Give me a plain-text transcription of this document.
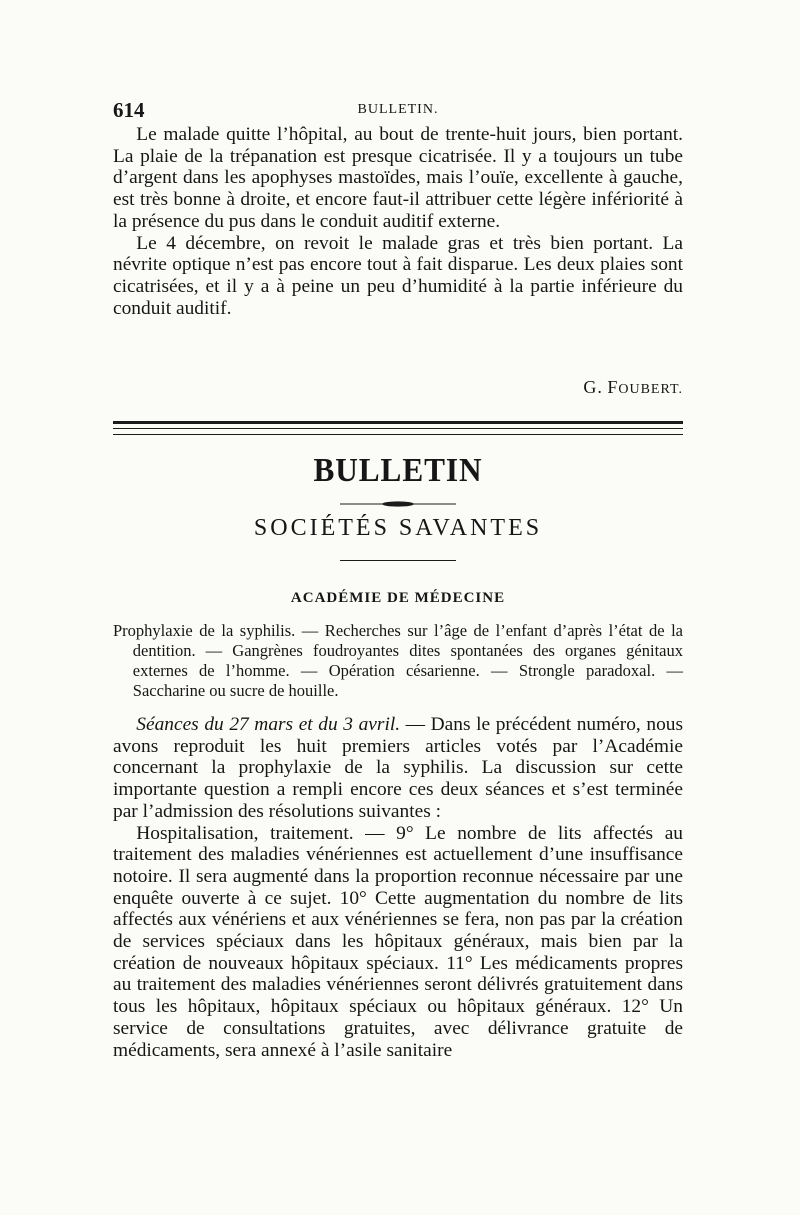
614	BULLETIN.

Le malade quitte l’hôpital, au bout de trente-huit jours, bien portant. La plaie de la trépanation est presque cicatrisée. Il y a toujours un tube d’argent dans les apophyses mastoïdes, mais l’ouïe, excellente à gauche, est très bonne à droite, et encore faut-il attribuer cette légère infériorité à la présence du pus dans le conduit auditif externe.

Le 4 décembre, on revoit le malade gras et très bien portant. La névrite optique n’est pas encore tout à fait disparue. Les deux plaies sont cicatrisées, et il y a à peine un peu d’humidité à la partie inférieure du conduit auditif.

G. FOUBERT.
BULLETIN
SOCIÉTÉS SAVANTES
ACADÉMIE DE MÉDECINE
Prophylaxie de la syphilis. — Recherches sur l’âge de l’enfant d’après l’état de la dentition. — Gangrènes foudroyantes dites spontanées des organes génitaux externes de l’homme. — Opération césarienne. — Strongle paradoxal. — Saccharine ou sucre de houille.

Séances du 27 mars et du 3 avril. — Dans le précédent numéro, nous avons reproduit les huit premiers articles votés par l’Académie concernant la prophylaxie de la syphilis. La discussion sur cette importante question a rempli encore ces deux séances et s’est terminée par l’admission des résolutions suivantes :

Hospitalisation, traitement. — 9° Le nombre de lits affectés au traitement des maladies vénériennes est actuellement d’une insuffisance notoire. Il sera augmenté dans la proportion reconnue nécessaire par une enquête ouverte à ce sujet. 10° Cette augmentation du nombre de lits affectés aux vénériens et aux vénériennes se fera, non pas par la création de services spéciaux dans les hôpitaux généraux, mais bien par la création de nouveaux hôpitaux spéciaux. 11° Les médicaments propres au traitement des maladies vénériennes seront délivrés gratuitement dans tous les hôpitaux, hôpitaux spéciaux ou hôpitaux généraux. 12° Un service de consultations gratuites, avec délivrance gratuite de médicaments, sera annexé à l’asile sanitaire
